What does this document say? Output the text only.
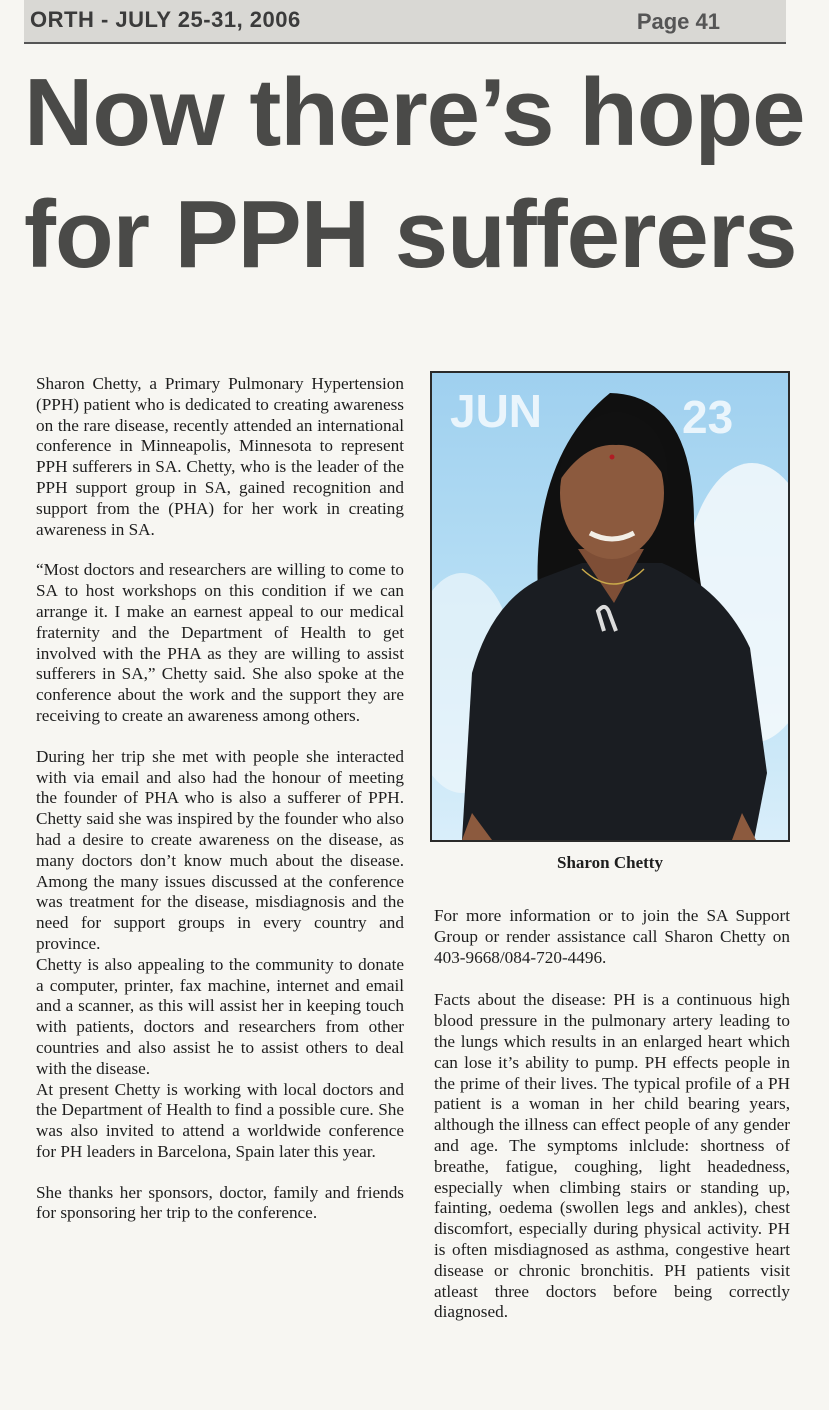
ORTH - JULY 25-31, 2006	Page 41
Now there’s hope
for PPH sufferers

Sharon Chetty, a Primary Pulmonary Hypertension (PPH) patient who is dedicated to creating awareness on the rare disease, recently attended an international conference in Minneapolis, Minnesota to represent PPH sufferers in SA. Chetty, who is the leader of the PPH support group in SA, gained recognition and support from the (PHA) for her work in creating awareness in SA.

“Most doctors and researchers are willing to come to SA to host workshops on this condition if we can arrange it. I make an earnest appeal to our medical fraternity and the Department of Health to get involved with the PHA as they are willing to assist sufferers in SA,” Chetty said. She also spoke at the conference about the work and the support they are receiving to create an awareness among others.

During her trip she met with people she interacted with via email and also had the honour of meeting the founder of PHA who is also a sufferer of PPH. Chetty said she was inspired by the founder who also had a desire to create awareness on the disease, as many doctors don’t know much about the disease. Among the many issues discussed at the conference was treatment for the disease, misdiagnosis and the need for support groups in every country and province.

Chetty is also appealing to the community to donate a computer, printer, fax machine, internet and email and a scanner, as this will assist her in keeping touch with patients, doctors and researchers from other countries and also assist he to assist others to deal with the disease.

At present Chetty is working with local doctors and the Department of Health to find a possible cure. She was also invited to attend a worldwide conference for PH leaders in Barcelona, Spain later this year.

She thanks her sponsors, doctor, family and friends for sponsoring her trip to the conference.

JUN	23
Sharon Chetty

For more information or to join the SA Support Group or render assistance call Sharon Chetty on 403-9668/084-720-4496.

Facts about the disease: PH is a continuous high blood pressure in the pulmonary artery leading to the lungs which results in an enlarged heart which can lose it’s ability to pump. PH effects people in the prime of their lives. The typical profile of a PH patient is a woman in her child bearing years, although the illness can effect people of any gender and age. The symptoms inlclude: shortness of breathe, fatigue, coughing, light headedness, especially when climbing stairs or standing up, fainting, oedema (swollen legs and ankles), chest discomfort, especially during physical activity. PH is often misdiagnosed as asthma, congestive heart disease or chronic bronchitis. PH patients visit atleast three doctors before being correctly diagnosed.
